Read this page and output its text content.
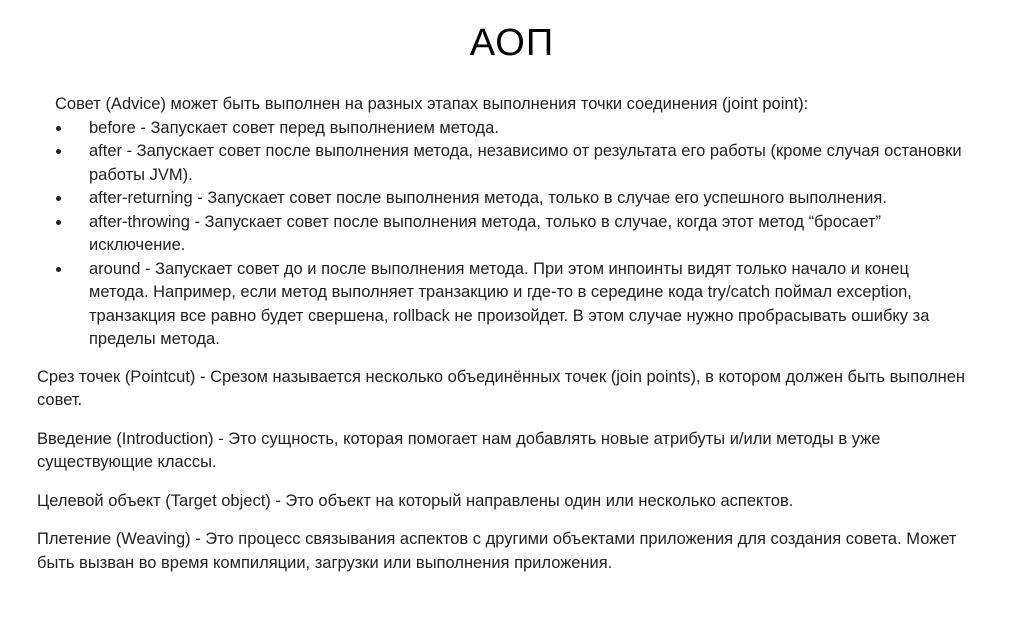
АОП

Совет (Advice) может быть выполнен на разных этапах выполнения точки соединения (joint point):

before - Запускает совет перед выполнением метода.
after - Запускает совет после выполнения метода, независимо от результата его работы (кроме случая остановки работы JVM).
after-returning - Запускает совет после выполнения метода, только в случае его успешного выполнения.
after-throwing - Запускает совет после выполнения метода, только в случае, когда этот метод “бросает” исключение.
around - Запускает совет до и после выполнения метода. При этом инпоинты видят только начало и конец метода. Например, если метод выполняет транзакцию и где-то в середине кода try/catch поймал exception, транзакция все равно будет свершена, rollback не произойдет. В этом случае нужно пробрасывать ошибку за пределы метода.

Срез точек (Pointcut) - Срезом называется несколько объединённых точек (join points), в котором должен быть выполнен совет.

Введение (Introduction) - Это сущность, которая помогает нам добавлять новые атрибуты и/или методы в уже существующие классы.

Целевой объект (Target object) - Это объект на который направлены один или несколько аспектов.

Плетение (Weaving) - Это процесс связывания аспектов с другими объектами приложения для создания совета. Может быть вызван во время компиляции, загрузки или выполнения приложения.
